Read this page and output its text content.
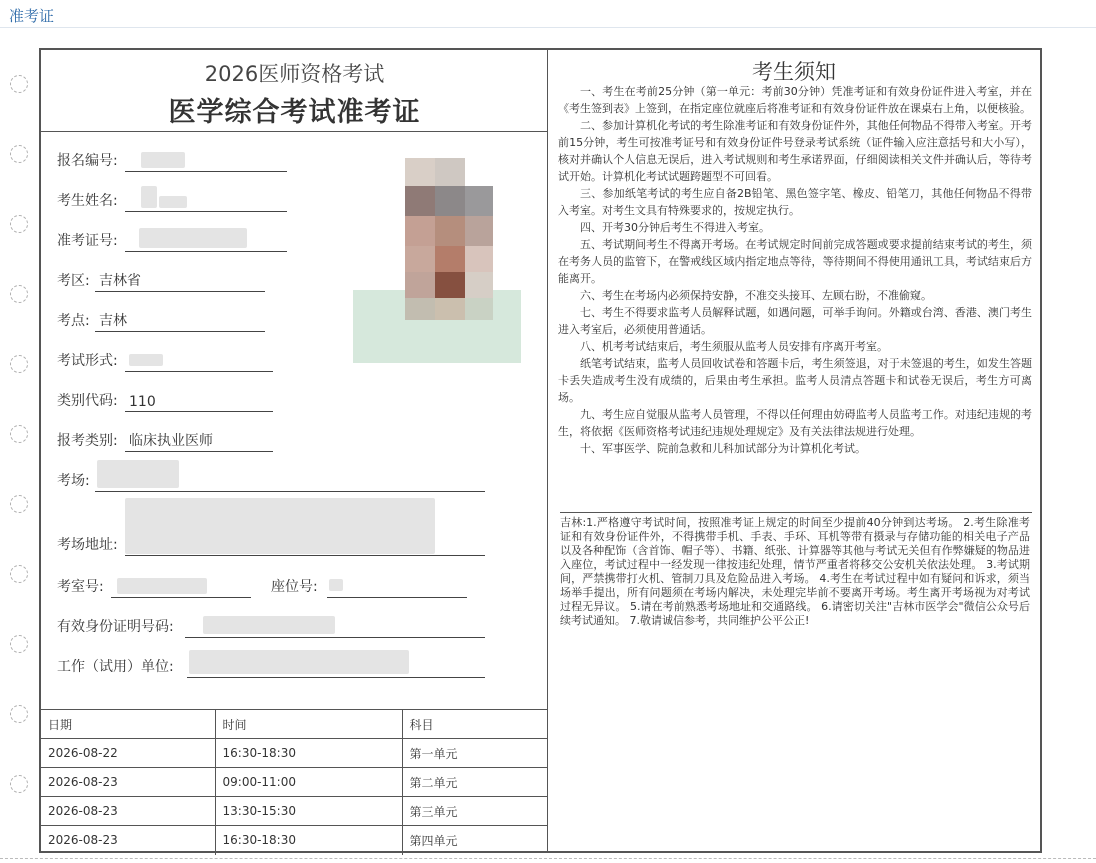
准考证
2026医师资格考试
医学综合考试准考证
报名编号:
考生姓名:
准考证号:
考区: 吉林省
考点: 吉林
考试形式:
类别代码: 110
报考类别: 临床执业医师
考场:
考场地址:
考室号:	座位号:
有效身份证明号码:
工作（试用）单位:
日期	时间	科目
2026-08-22	16:30-18:30	第一单元
2026-08-23	09:00-11:00	第二单元
2026-08-23	13:30-15:30	第三单元
2026-08-23	16:30-18:30	第四单元
考生须知

一、考生在考前25分钟（第一单元：考前30分钟）凭准考证和有效身份证件进入考室，并在《考生签到表》上签到，在指定座位就座后将准考证和有效身份证件放在课桌右上角，以便核验。

二、参加计算机化考试的考生除准考证和有效身份证件外，其他任何物品不得带入考室。开考前15分钟，考生可按准考证号和有效身份证件号登录考试系统（证件输入应注意括号和大小写），核对并确认个人信息无误后，进入考试规则和考生承诺界面，仔细阅读相关文件并确认后，等待考试开始。计算机化考试试题跨题型不可回看。

三、参加纸笔考试的考生应自备2B铅笔、黑色签字笔、橡皮、铅笔刀，其他任何物品不得带入考室。对考生文具有特殊要求的，按规定执行。

四、开考30分钟后考生不得进入考室。

五、考试期间考生不得离开考场。在考试规定时间前完成答题或要求提前结束考试的考生，须在考务人员的监管下，在警戒线区域内指定地点等待，等待期间不得使用通讯工具，考试结束后方能离开。

六、考生在考场内必须保持安静，不准交头接耳、左顾右盼，不准偷窥。

七、考生不得要求监考人员解释试题，如遇问题，可举手询问。外籍或台湾、香港、澳门考生进入考室后，必须使用普通话。

八、机考考试结束后，考生须服从监考人员安排有序离开考室。

纸笔考试结束，监考人员回收试卷和答题卡后，考生须签退，对于未签退的考生，如发生答题卡丢失造成考生没有成绩的，后果由考生承担。监考人员清点答题卡和试卷无误后，考生方可离场。

九、考生应自觉服从监考人员管理，不得以任何理由妨碍监考人员监考工作。对违纪违规的考生，将依据《医师资格考试违纪违规处理规定》及有关法律法规进行处理。

十、军事医学、院前急救和儿科加试部分为计算机化考试。

吉林:1.严格遵守考试时间，按照准考证上规定的时间至少提前40分钟到达考场。 2.考生除准考证和有效身份证件外，不得携带手机、手表、手环、耳机等带有摄录与存储功能的相关电子产品以及各种配饰（含首饰、帽子等）、书籍、纸张、计算器等其他与考试无关但有作弊嫌疑的物品进入座位，考试过程中一经发现一律按违纪处理，情节严重者将移交公安机关依法处理。 3.考试期间，严禁携带打火机、管制刀具及危险品进入考场。 4.考生在考试过程中如有疑问和诉求，须当场举手提出，所有问题须在考场内解决，未处理完毕前不要离开考场。考生离开考场视为对考试过程无异议。 5.请在考前熟悉考场地址和交通路线。 6.请密切关注"吉林市医学会"微信公众号后续考试通知。 7.敬请诚信参考，共同维护公平公正!
